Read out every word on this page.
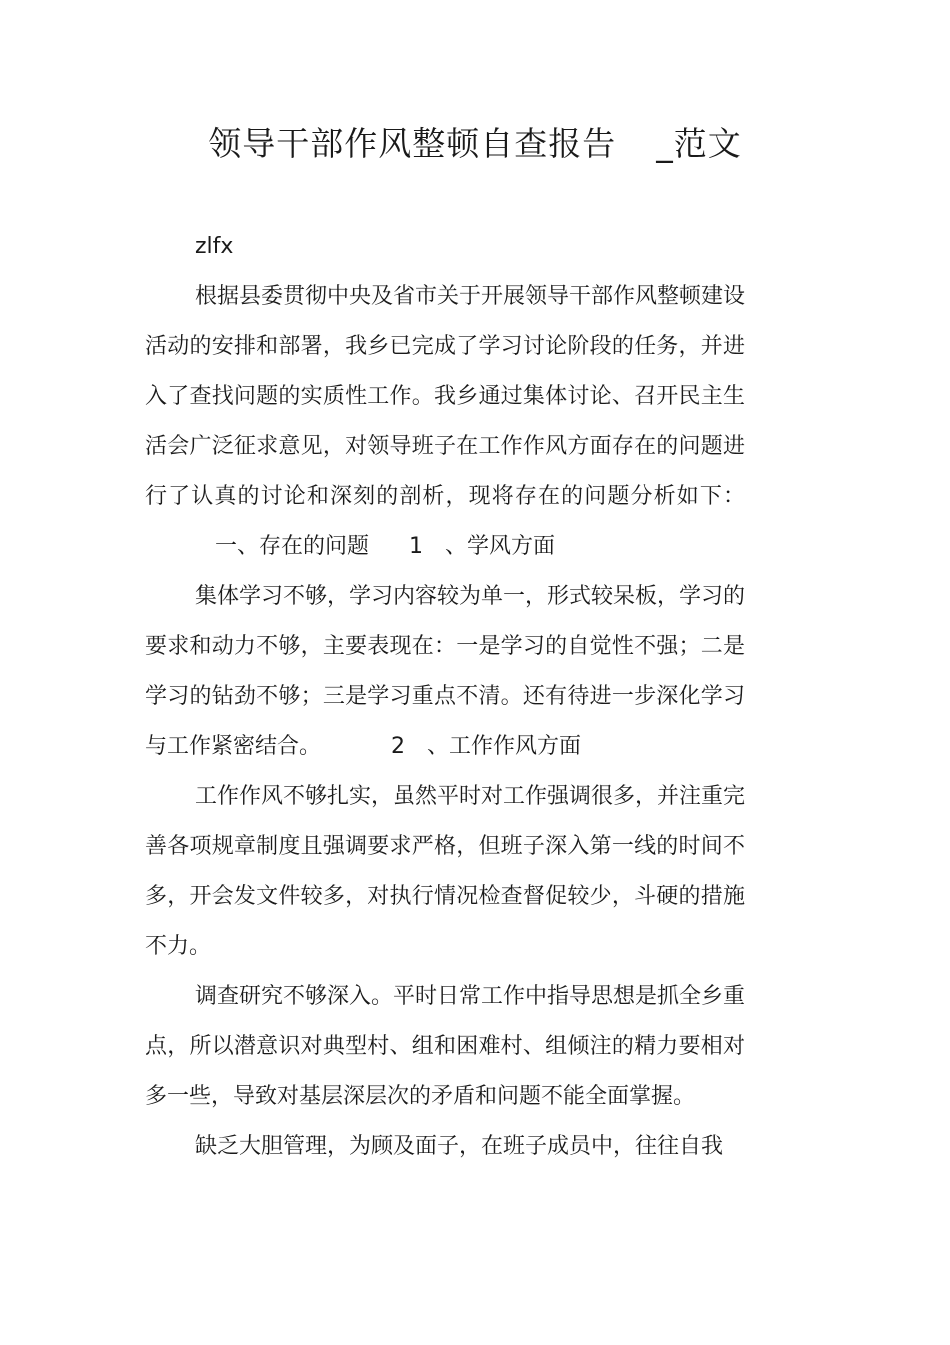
领导干部作风整顿自查报告 _范文

zlfx

根据县委贯彻中央及省市关于开展领导干部作风整顿建设活动的安排和部署，我乡已完成了学习讨论阶段的任务，并进入了查找问题的实质性工作。我乡通过集体讨论、召开民主生活会广泛征求意见，对领导班子在工作作风方面存在的问题进行了认真的讨论和深刻的剖析，现将存在的问题分析如下：一、存在的问题 1 、学风方面

集体学习不够，学习内容较为单一，形式较呆板，学习的要求和动力不够，主要表现在：一是学习的自觉性不强；二是学习的钻劲不够；三是学习重点不清。还有待进一步深化学习与工作紧密结合。	2 、工作作风方面

工作作风不够扎实，虽然平时对工作强调很多，并注重完善各项规章制度且强调要求严格，但班子深入第一线的时间不多，开会发文件较多，对执行情况检查督促较少，斗硬的措施不力。

调查研究不够深入。平时日常工作中指导思想是抓全乡重点，所以潜意识对典型村、组和困难村、组倾注的精力要相对多一些，导致对基层深层次的矛盾和问题不能全面掌握。

缺乏大胆管理，为顾及面子，在班子成员中，往往自我
